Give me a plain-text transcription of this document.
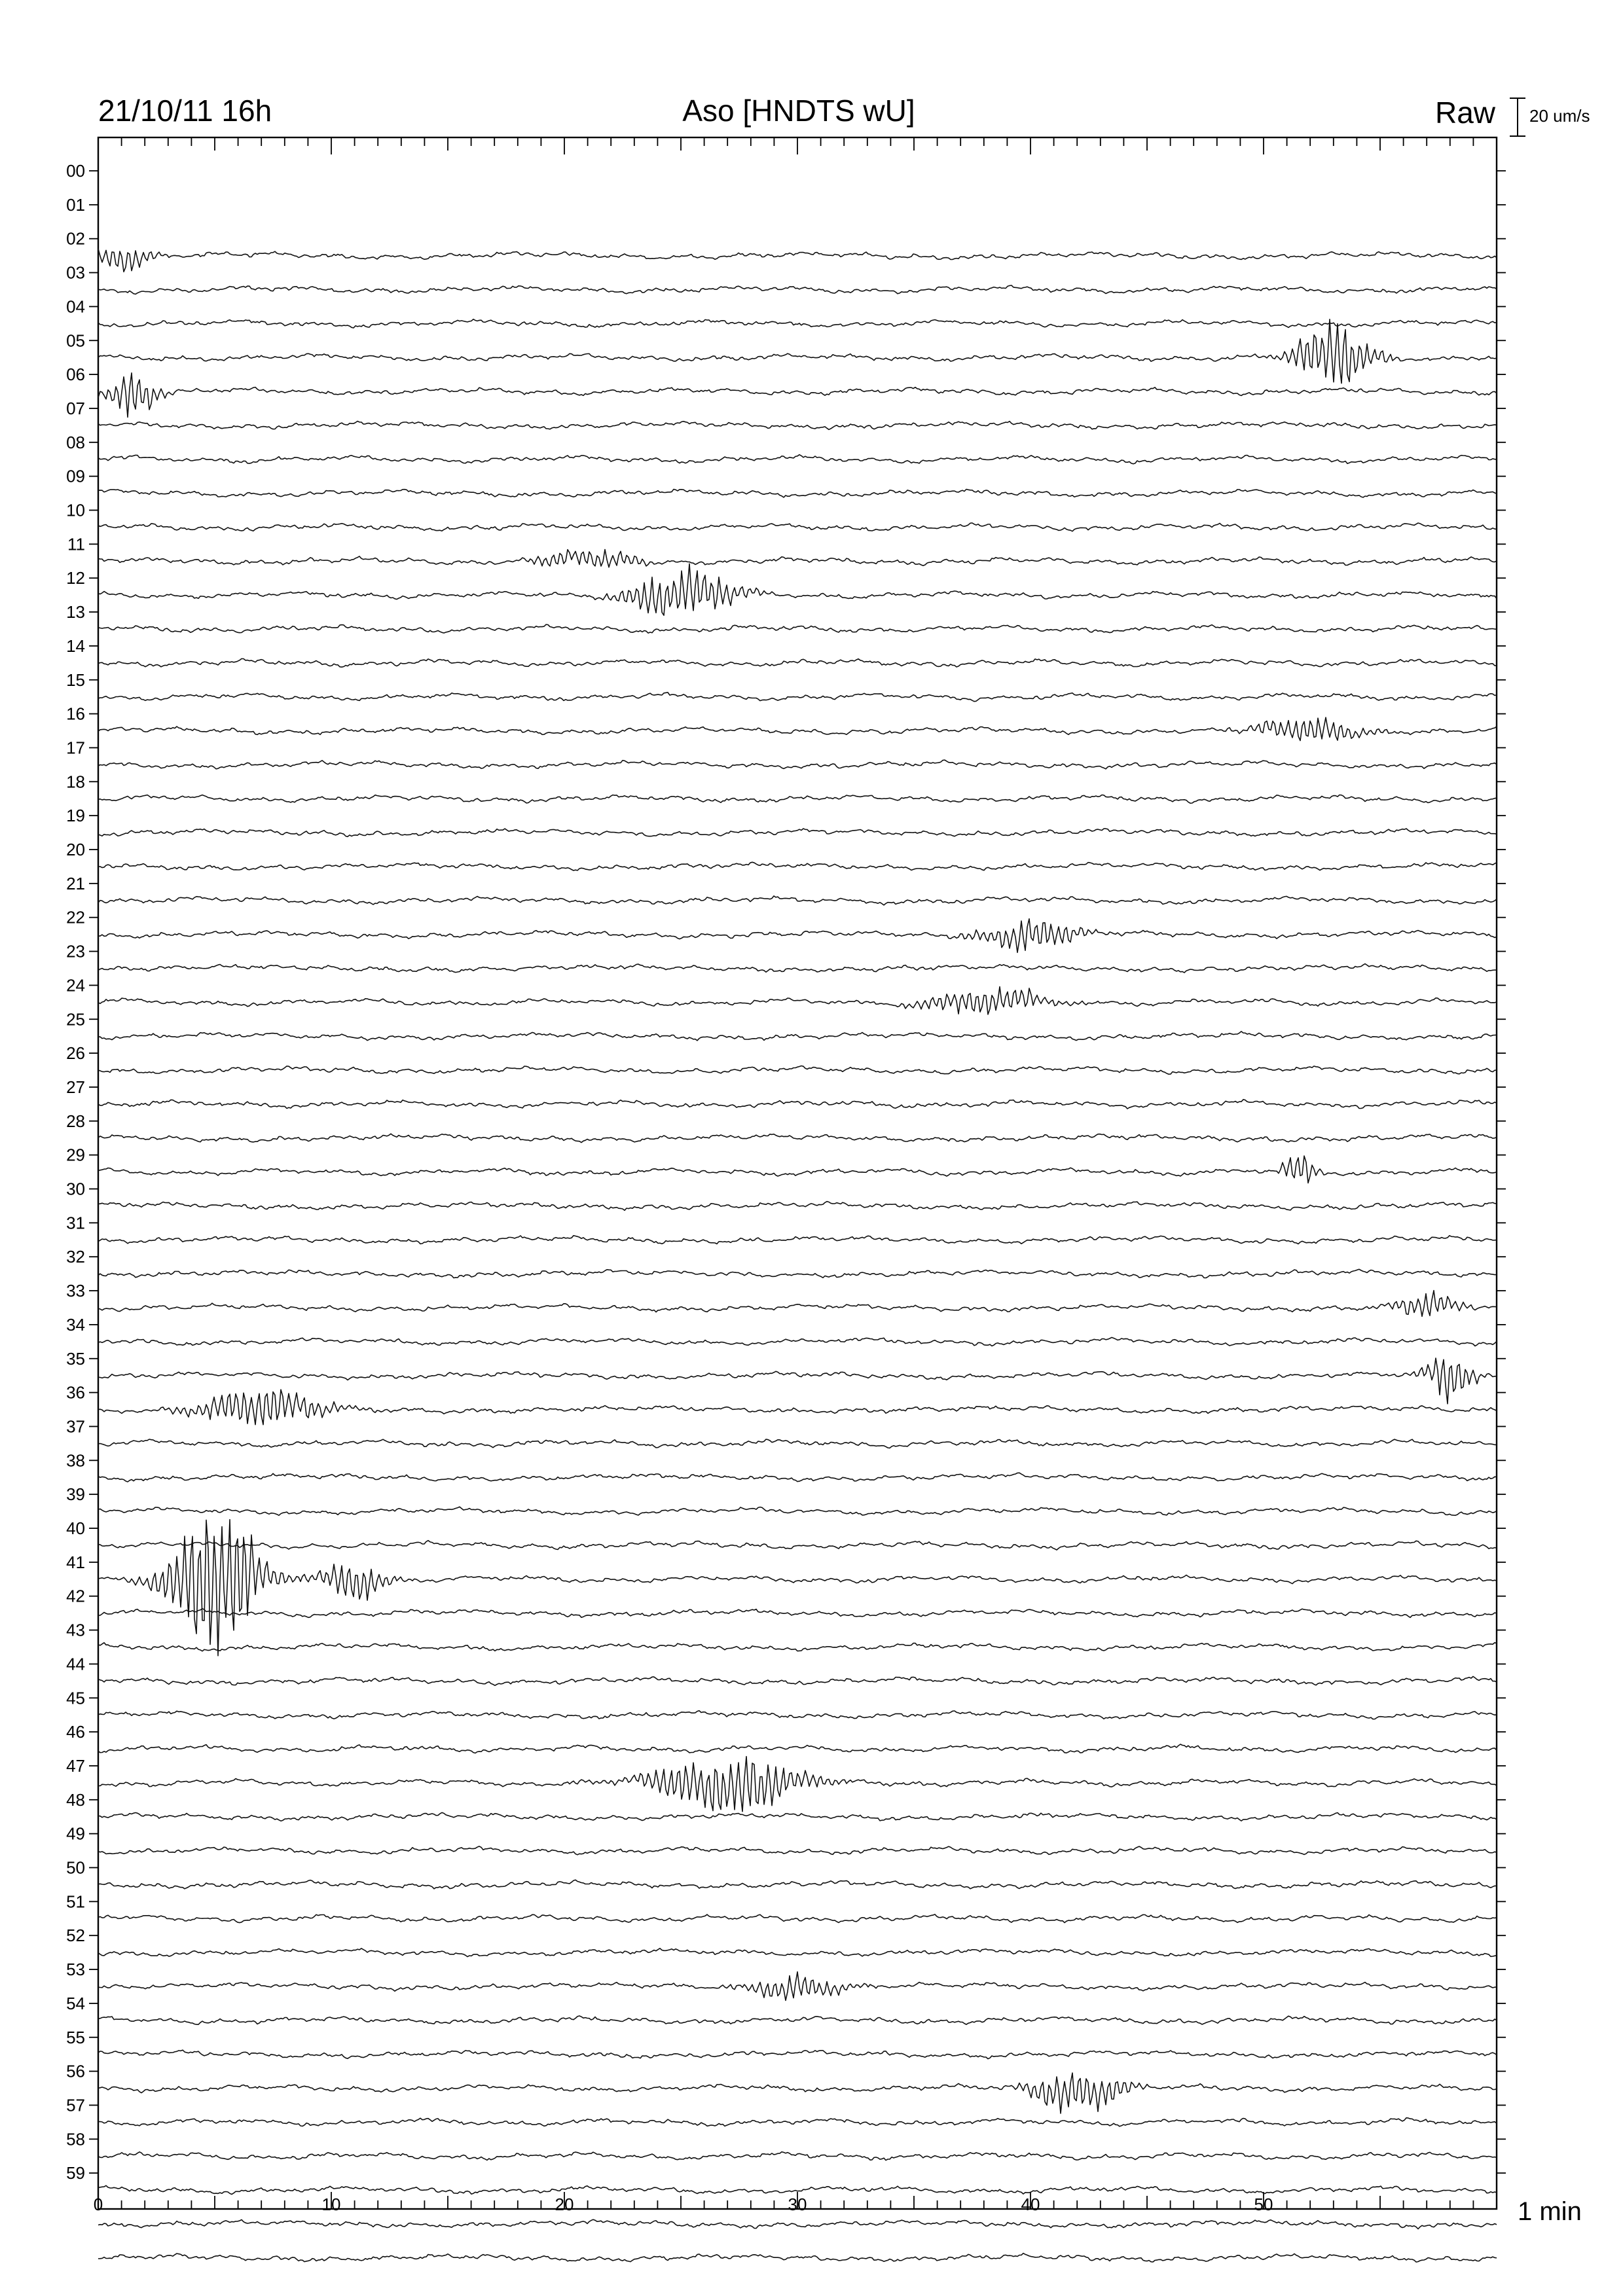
21/10/11 16h	Aso [HNDTS wU]	Raw 20 um/s
00
01
02
03
04
05
06
07
08
09
10
11
12
13
14
15
16
17
18
19
20
21
22
23
24
25
26
27
28
29
30
31
32
33
34
35
36
37
38
39
40
41
42
43
44
45
46
47
48
49
50
51
52
53
54
55
56
57
58
59
0	10	20	30	40	50	1 min
